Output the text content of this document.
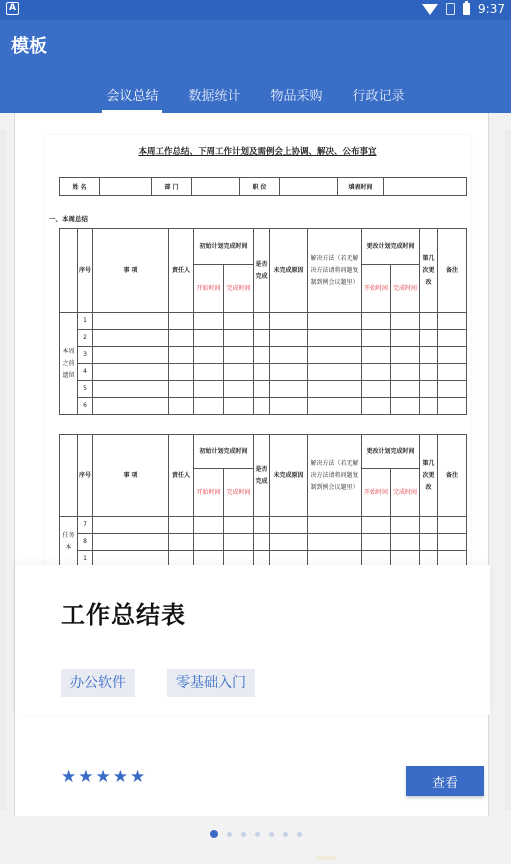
A	9:37
模板
会议总结	数据统计	物品采购	行政记录
本周工作总结、下周工作计划及需例会上协调、解决、公布事宜
姓 名		部 门		职 位		填表时间	
一、本周总结
	序号	事 项	责任人	初始计划完成时间		是否完成	未完成原因	解决方法（若无解决方法请将问题复制到例会议题里）	更改计划完成时间		第几次更改	备注
				开始时间	完成时间				开始时间	完成时间		
本周之前遗留	1											
	2											
	3											
	4											
	5											
	6											
	序号	事 项	责任人	初始计划完成时间		是否完成	未完成原因	解决方法（若无解决方法请将问题复制到例会议题里）	更改计划完成时间		第几次更改	备注
				开始时间	完成时间				开始时间	完成时间		
任务本	7											
	8											
	1											
工作总结表
办公软件	零基础入门
★ ★ ★ ★ ★	查看
